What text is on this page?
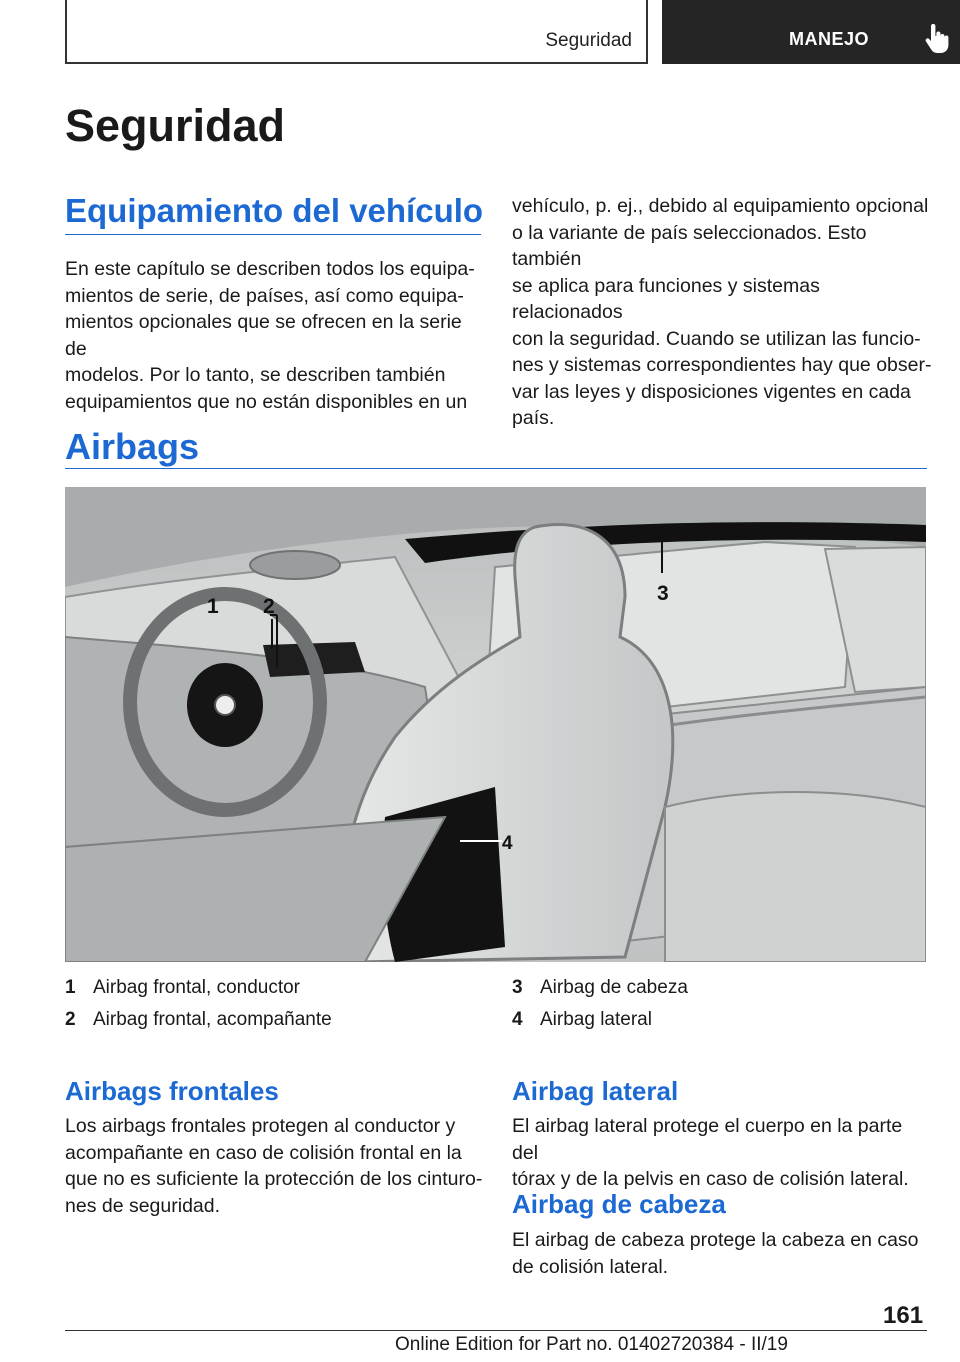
Seguridad	MANEJO
Seguridad
Equipamiento del vehículo

En este capítulo se describen todos los equipa‐
mientos de serie, de países, así como equipa‐
mientos opcionales que se ofrecen en la serie de
modelos. Por lo tanto, se describen también
equipamientos que no están disponibles en un

vehículo, p. ej., debido al equipamiento opcional
o la variante de país seleccionados. Esto también
se aplica para funciones y sistemas relacionados
con la seguridad. Cuando se utilizan las funcio‐
nes y sistemas correspondientes hay que obser‐
var las leyes y disposiciones vigentes en cada
país.

Airbags
1 2
3
4
1 Airbag frontal, conductor
2 Airbag frontal, acompañante
3 Airbag de cabeza
4 Airbag lateral
Airbags frontales

Los airbags frontales protegen al conductor y
acompañante en caso de colisión frontal en la
que no es suficiente la protección de los cinturo‐
nes de seguridad.

Airbag lateral

El airbag lateral protege el cuerpo en la parte del
tórax y de la pelvis en caso de colisión lateral.

Airbag de cabeza

El airbag de cabeza protege la cabeza en caso
de colisión lateral.

161
Online Edition for Part no. 01402720384 - II/19
